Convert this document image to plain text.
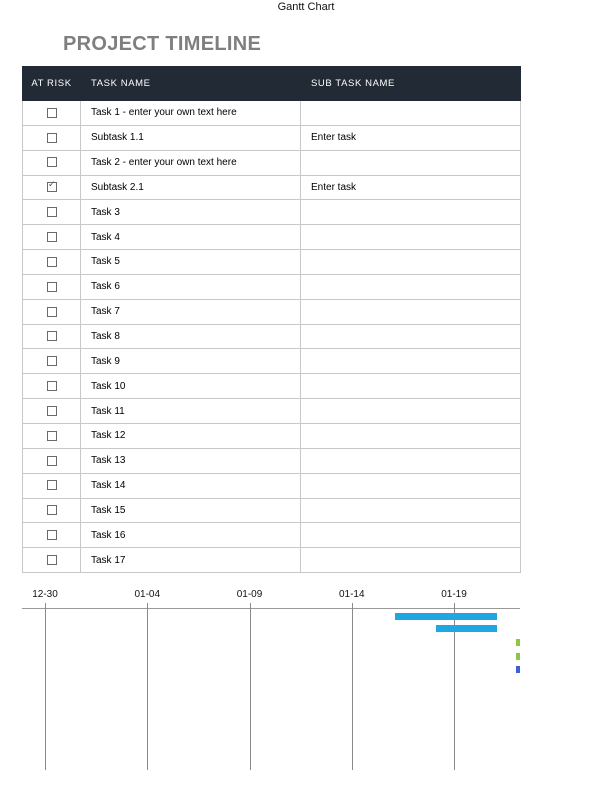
Gantt Chart
PROJECT TIMELINE
AT RISK	TASK NAME	SUB TASK NAME
	Task 1 - enter your own text here	
	Subtask 1.1	Enter task
	Task 2 - enter your own text here	
✓	Subtask 2.1	Enter task
	Task 3	
	Task 4	
	Task 5	
	Task 6	
	Task 7	
	Task 8	
	Task 9	
	Task 10	
	Task 11	
	Task 12	
	Task 13	
	Task 14	
	Task 15	
	Task 16	
	Task 17	
12-30	01-04	01-09	01-14	01-19
